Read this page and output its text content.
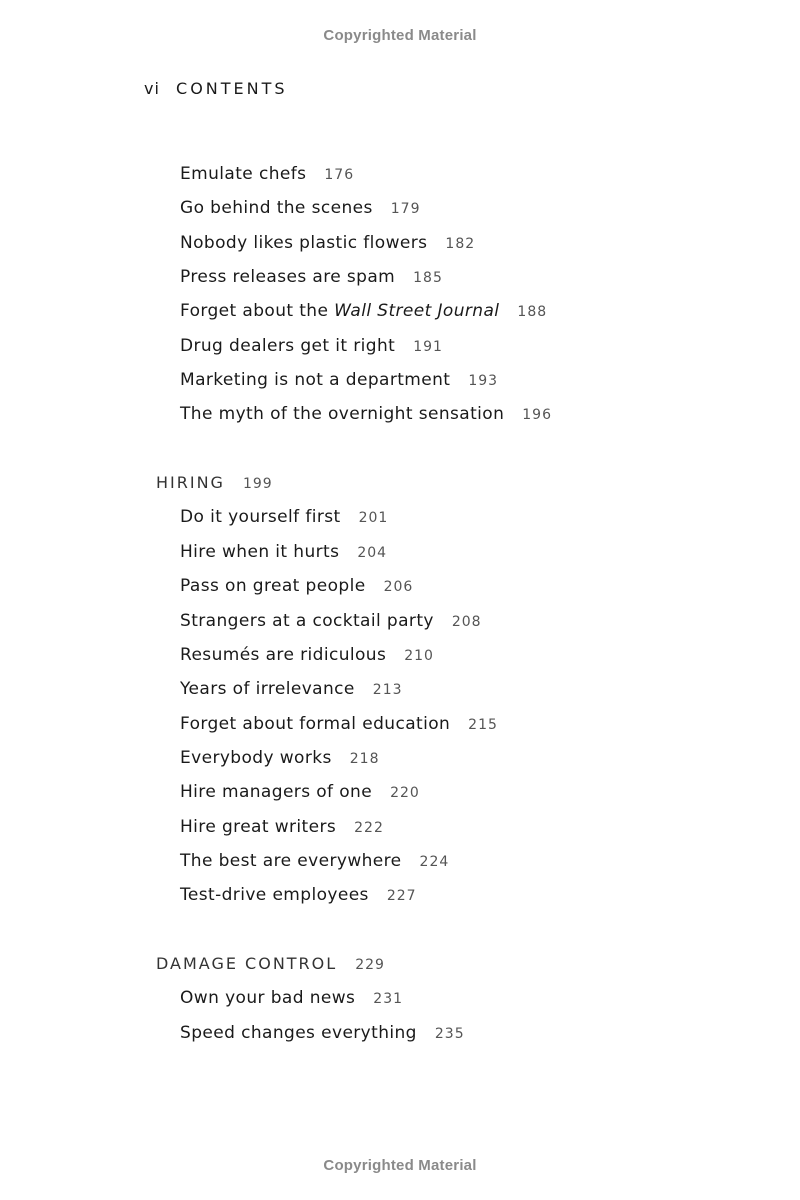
Copyrighted Material
vi CONTENTS
Emulate chefs 176
Go behind the scenes 179
Nobody likes plastic flowers 182
Press releases are spam 185
Forget about the Wall Street Journal 188
Drug dealers get it right 191
Marketing is not a department 193
The myth of the overnight sensation 196
HIRING 199
Do it yourself first 201
Hire when it hurts 204
Pass on great people 206
Strangers at a cocktail party 208
Resumés are ridiculous 210
Years of irrelevance 213
Forget about formal education 215
Everybody works 218
Hire managers of one 220
Hire great writers 222
The best are everywhere 224
Test-drive employees 227
DAMAGE CONTROL 229
Own your bad news 231
Speed changes everything 235
Copyrighted Material
